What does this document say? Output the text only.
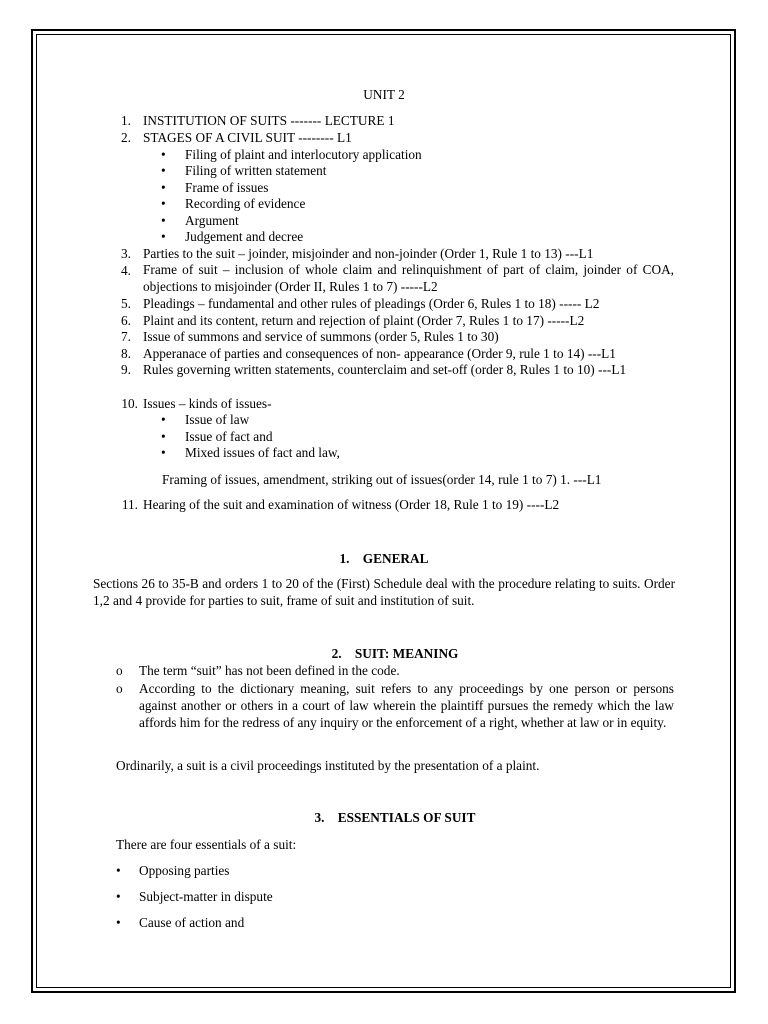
UNIT 2
1. INSTITUTION OF SUITS ------- LECTURE 1
2. STAGES OF A CIVIL SUIT -------- L1
• Filing of plaint and interlocutory application
• Filing of written statement
• Frame of issues
• Recording of evidence
• Argument
• Judgement and decree
3. Parties to the suit – joinder, misjoinder and non-joinder (Order 1, Rule 1 to 13) ---L1
4. Frame of suit – inclusion of whole claim and relinquishment of part of claim, joinder of COA, objections to misjoinder (Order II, Rules 1 to 7) -----L2
5. Pleadings – fundamental and other rules of pleadings (Order 6, Rules 1 to 18) ----- L2
6. Plaint and its content, return and rejection of plaint (Order 7, Rules 1 to 17) -----L2
7. Issue of summons and service of summons (order 5, Rules 1 to 30)
8. Apperanace of parties and consequences of non- appearance (Order 9, rule 1 to 14) ---L1
9. Rules governing written statements, counterclaim and set-off (order 8, Rules 1 to 10) ---L1
10. Issues – kinds of issues-
• Issue of law
• Issue of fact and
• Mixed issues of fact and law,
Framing of issues, amendment, striking out of issues(order 14, rule 1 to 7) 1. ---L1
11. Hearing of the suit and examination of witness (Order 18, Rule 1 to 19) ----L2
1.    GENERAL
Sections 26 to 35-B and orders 1 to 20 of the (First) Schedule deal with the procedure relating to suits. Order 1,2 and 4 provide for parties to suit, frame of suit and institution of suit.
2.    SUIT: MEANING
o The term “suit” has not been defined in the code.
o According to the dictionary meaning, suit refers to any proceedings by one person or persons against another or others in a court of law wherein the plaintiff pursues the remedy which the law affords him for the redress of any inquiry or the enforcement of a right, whether at law or in equity.
Ordinarily, a suit is a civil proceedings instituted by the presentation of a plaint.
3.    ESSENTIALS OF SUIT
There are four essentials of a suit:
• Opposing parties
• Subject-matter in dispute
• Cause of action and
